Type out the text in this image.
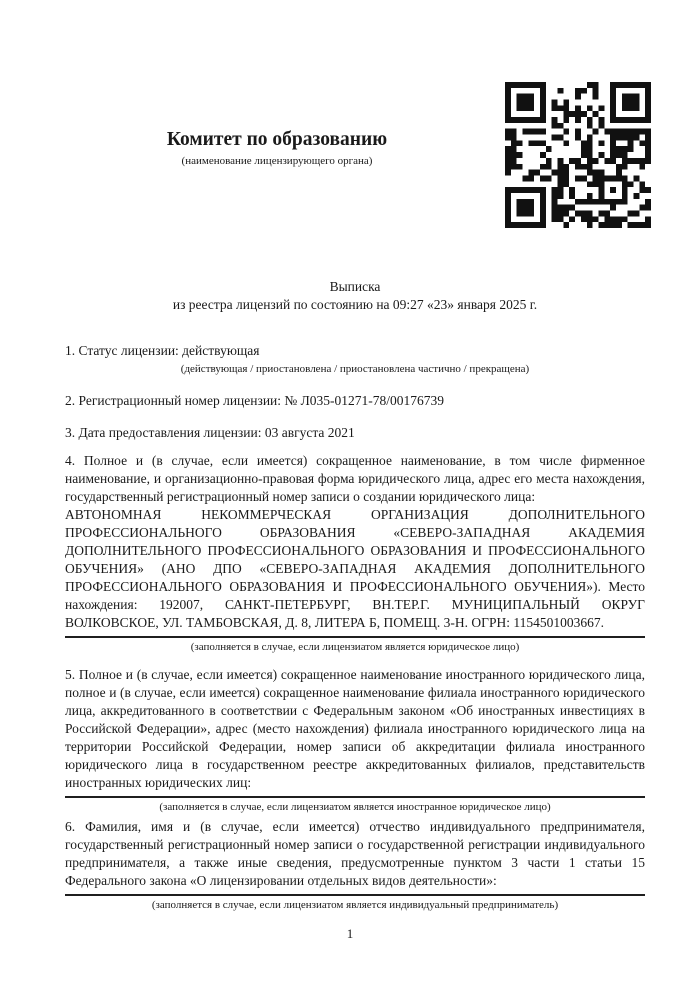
Комитет по образованию
(наименование лицензирующего органа)

Выписка

из реестра лицензий по состоянию на 09:27 «23» января 2025 г.

1. Статус лицензии: действующая

(действующая / приостановлена / приостановлена частично / прекращена)

2. Регистрационный номер лицензии: № Л035-01271-78/00176739

3. Дата предоставления лицензии: 03 августа 2021

4. Полное и (в случае, если имеется) сокращенное наименование, в том числе фирменное наименование, и организационно-правовая форма юридического лица, адрес его места нахождения, государственный регистрационный номер записи о создании юридического лица:

АВТОНОМНАЯ НЕКОММЕРЧЕСКАЯ ОРГАНИЗАЦИЯ ДОПОЛНИТЕЛЬНОГО ПРОФЕССИОНАЛЬНОГО ОБРАЗОВАНИЯ «СЕВЕРО-ЗАПАДНАЯ АКАДЕМИЯ ДОПОЛНИТЕЛЬНОГО ПРОФЕССИОНАЛЬНОГО ОБРАЗОВАНИЯ И ПРОФЕССИОНАЛЬНОГО ОБУЧЕНИЯ» (АНО ДПО «СЕВЕРО-ЗАПАДНАЯ АКАДЕМИЯ ДОПОЛНИТЕЛЬНОГО ПРОФЕССИОНАЛЬНОГО ОБРАЗОВАНИЯ И ПРОФЕССИОНАЛЬНОГО ОБУЧЕНИЯ»). Место нахождения: 192007, САНКТ-ПЕТЕРБУРГ, ВН.ТЕР.Г. МУНИЦИПАЛЬНЫЙ ОКРУГ ВОЛКОВСКОЕ, УЛ. ТАМБОВСКАЯ, Д. 8, ЛИТЕРА Б, ПОМЕЩ. 3-Н. ОГРН: 1154501003667.

(заполняется в случае, если лицензиатом является юридическое лицо)

5. Полное и (в случае, если имеется) сокращенное наименование иностранного юридического лица, полное и (в случае, если имеется) сокращенное наименование филиала иностранного юридического лица, аккредитованного в соответствии с Федеральным законом «Об иностранных инвестициях в Российской Федерации», адрес (место нахождения) филиала иностранного юридического лица на территории Российской Федерации, номер записи об аккредитации филиала иностранного юридического лица в государственном реестре аккредитованных филиалов, представительств иностранных юридических лиц:

(заполняется в случае, если лицензиатом является иностранное юридическое лицо)

6. Фамилия, имя и (в случае, если имеется) отчество индивидуального предпринимателя, государственный регистрационный номер записи о государственной регистрации индивидуального предпринимателя, а также иные сведения, предусмотренные пунктом 3 части 1 статьи 15 Федерального закона «О лицензировании отдельных видов деятельности»:

(заполняется в случае, если лицензиатом является индивидуальный предприниматель)

1
